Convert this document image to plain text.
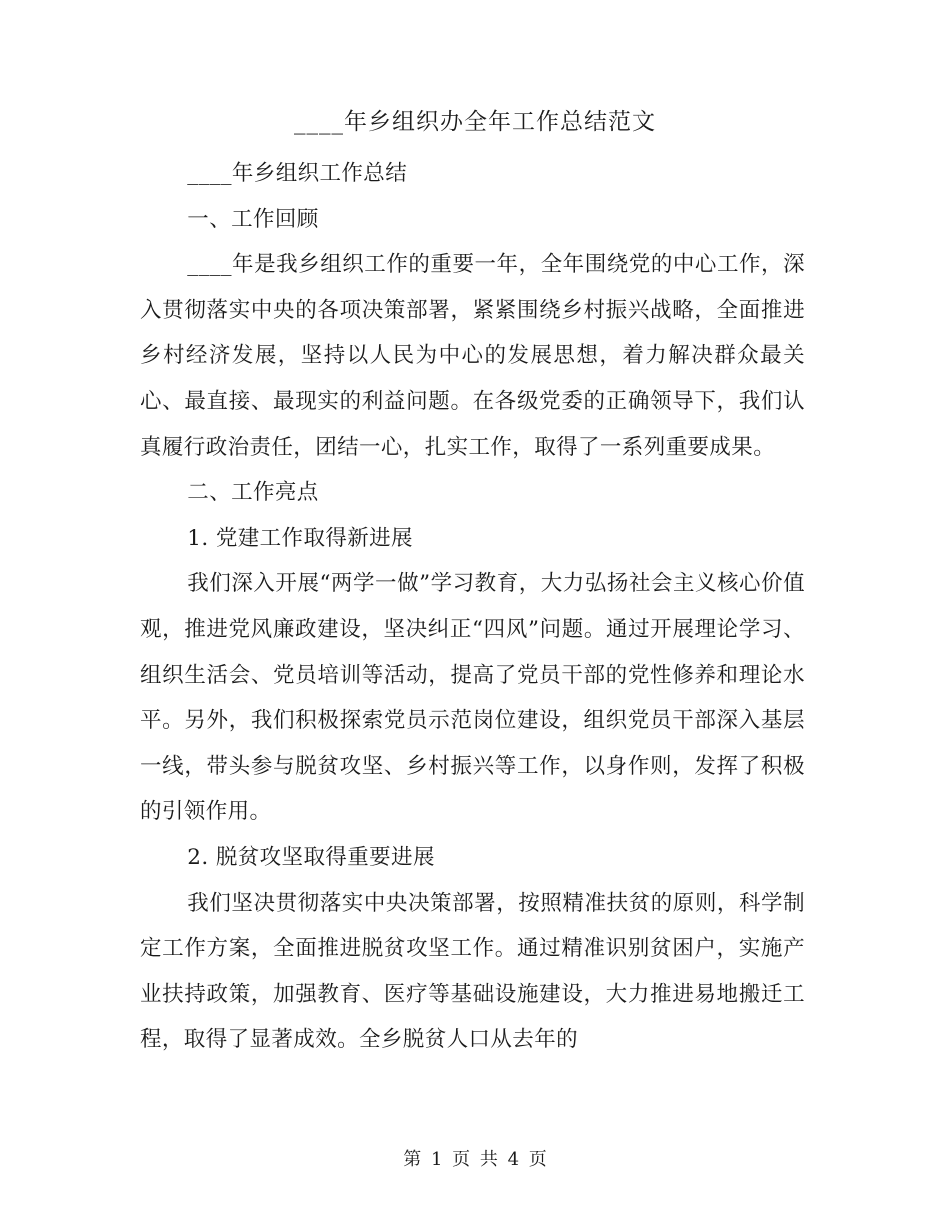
____年乡组织办全年工作总结范文

____年乡组织工作总结

一、工作回顾

____年是我乡组织工作的重要一年，全年围绕党的中心工作，深入贯彻落实中央的各项决策部署，紧紧围绕乡村振兴战略，全面推进乡村经济发展，坚持以人民为中心的发展思想，着力解决群众最关心、最直接、最现实的利益问题。在各级党委的正确领导下，我们认真履行政治责任，团结一心，扎实工作，取得了一系列重要成果。

二、工作亮点

1. 党建工作取得新进展

我们深入开展“两学一做”学习教育，大力弘扬社会主义核心价值观，推进党风廉政建设，坚决纠正“四风”问题。通过开展理论学习、组织生活会、党员培训等活动，提高了党员干部的党性修养和理论水平。另外，我们积极探索党员示范岗位建设，组织党员干部深入基层一线，带头参与脱贫攻坚、乡村振兴等工作，以身作则，发挥了积极的引领作用。

2. 脱贫攻坚取得重要进展

我们坚决贯彻落实中央决策部署，按照精准扶贫的原则，科学制定工作方案，全面推进脱贫攻坚工作。通过精准识别贫困户，实施产业扶持政策，加强教育、医疗等基础设施建设，大力推进易地搬迁工程，取得了显著成效。全乡脱贫人口从去年的

第 1 页 共 4 页
